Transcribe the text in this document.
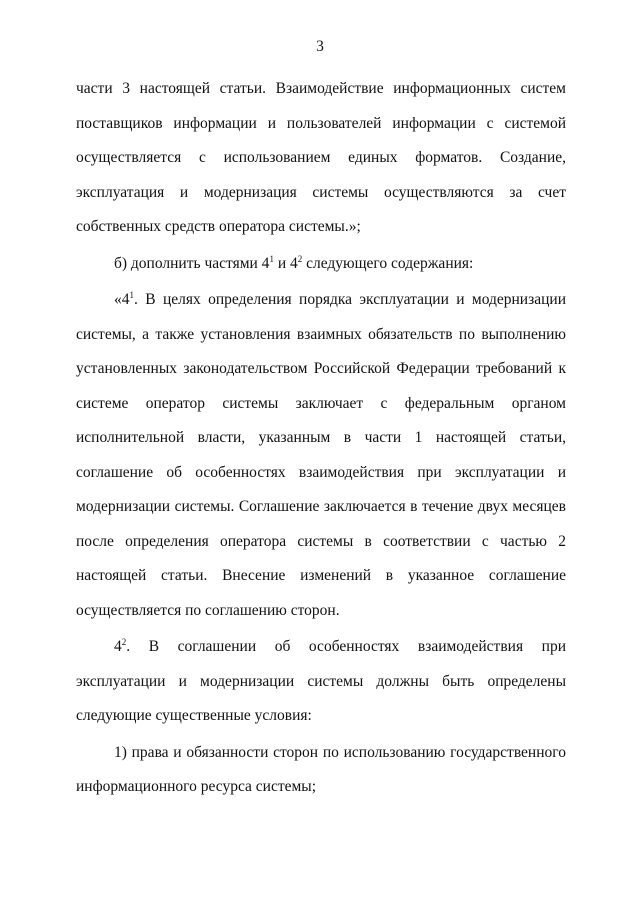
3

части 3 настоящей статьи. Взаимодействие информационных систем поставщиков информации и пользователей информации с системой осуществляется с использованием единых форматов. Создание, эксплуатация и модернизация системы осуществляются за счет собственных средств оператора системы.»;

б) дополнить частями $4^1$ и $4^2$ следующего содержания:

«$4^1$. В целях определения порядка эксплуатации и модернизации системы, а также установления взаимных обязательств по выполнению установленных законодательством Российской Федерации требований к системе оператор системы заключает с федеральным органом исполнительной власти, указанным в части 1 настоящей статьи, соглашение об особенностях взаимодействия при эксплуатации и модернизации системы. Соглашение заключается в течение двух месяцев после определения оператора системы в соответствии с частью 2 настоящей статьи. Внесение изменений в указанное соглашение осуществляется по соглашению сторон.

$4^2$. В соглашении об особенностях взаимодействия при эксплуатации и модернизации системы должны быть определены следующие существенные условия:

1) права и обязанности сторон по использованию государственного информационного ресурса системы;
